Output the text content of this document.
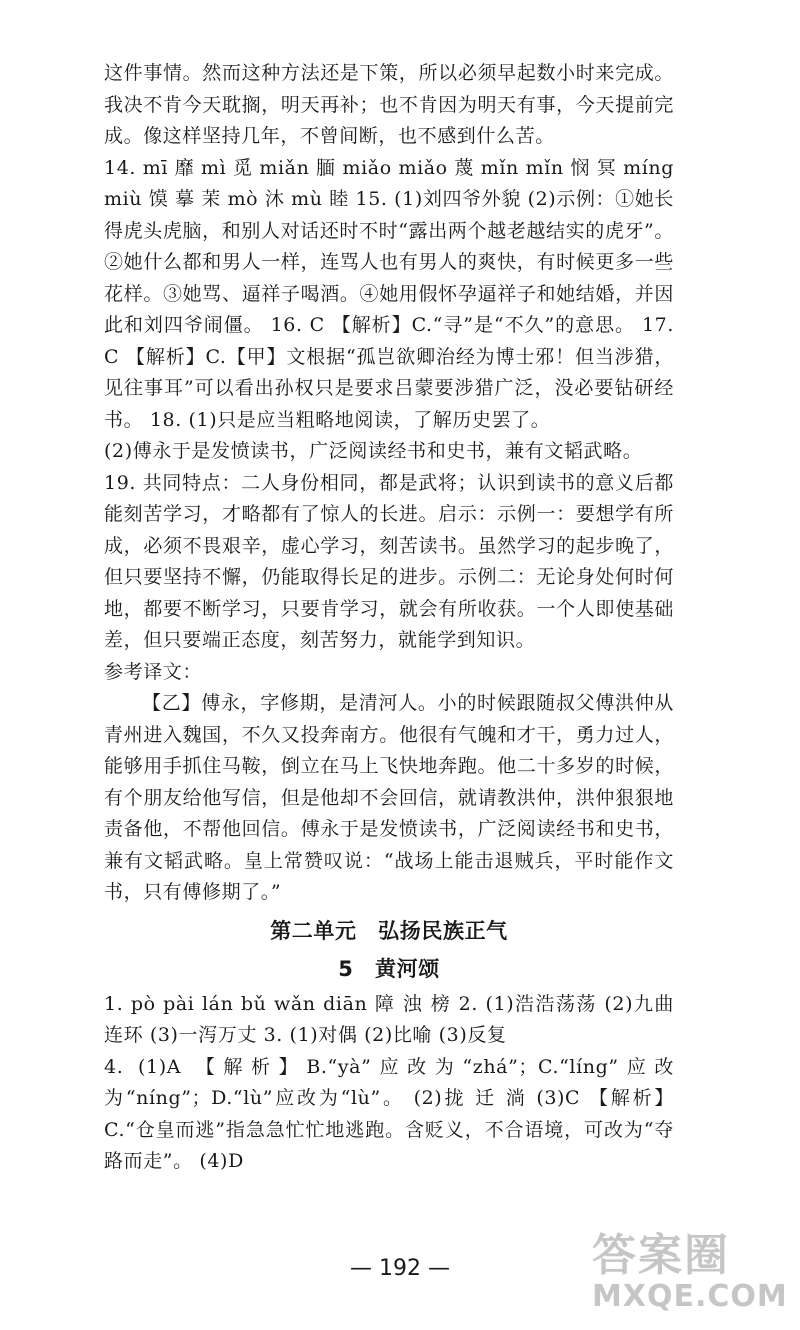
这件事情。然而这种方法还是下策，所以必须早起数小时来完成。我决不肯今天耽搁，明天再补；也不肯因为明天有事，今天提前完成。像这样坚持几年，不曾间断，也不感到什么苦。

14. mī 靡 mì 觅 miǎn 腼 miǎo miǎo 蔑 mǐn mǐn 悯 冥 míng miù 馍 摹 茉 mò 沐 mù 睦 15. (1)刘四爷外貌 (2)示例：①她长得虎头虎脑，和别人对话还时不时“露出两个越老越结实的虎牙”。②她什么都和男人一样，连骂人也有男人的爽快，有时候更多一些花样。③她骂、逼祥子喝酒。④她用假怀孕逼祥子和她结婚，并因此和刘四爷闹僵。 16. C 【解析】C.“寻”是“不久”的意思。 17. C 【解析】C.【甲】文根据“孤岂欲卿治经为博士邪！但当涉猎，见往事耳”可以看出孙权只是要求吕蒙要涉猎广泛，没必要钻研经书。 18. (1)只是应当粗略地阅读，了解历史罢了。

(2)傅永于是发愤读书，广泛阅读经书和史书，兼有文韬武略。

19. 共同特点：二人身份相同，都是武将；认识到读书的意义后都能刻苦学习，才略都有了惊人的长进。启示：示例一：要想学有所成，必须不畏艰辛，虚心学习，刻苦读书。虽然学习的起步晚了，但只要坚持不懈，仍能取得长足的进步。示例二：无论身处何时何地，都要不断学习，只要肯学习，就会有所收获。一个人即使基础差，但只要端正态度，刻苦努力，就能学到知识。

参考译文：

【乙】傅永，字修期，是清河人。小的时候跟随叔父傅洪仲从青州进入魏国，不久又投奔南方。他很有气魄和才干，勇力过人，能够用手抓住马鞍，倒立在马上飞快地奔跑。他二十多岁的时候，有个朋友给他写信，但是他却不会回信，就请教洪仲，洪仲狠狠地责备他，不帮他回信。傅永于是发愤读书，广泛阅读经书和史书，兼有文韬武略。皇上常赞叹说：“战场上能击退贼兵，平时能作文书，只有傅修期了。”

第二单元　弘扬民族正气
5　黄河颂

1. pò pài lán bǔ wǎn diān 障 浊 榜 2. (1)浩浩荡荡 (2)九曲连环 (3)一泻万丈 3. (1)对偶 (2)比喻 (3)反复

4. (1)A 【解析】B.“yà”应改为“zhá”；C.“líng”应改为“níng”；D.“lù”应改为“lù”。 (2)拢 迁 淌 (3)C 【解析】C.“仓皇而逃”指急急忙忙地逃跑。含贬义，不合语境，可改为“夺路而走”。 (4)D

— 192 —	答案圈
MXQE.COM
